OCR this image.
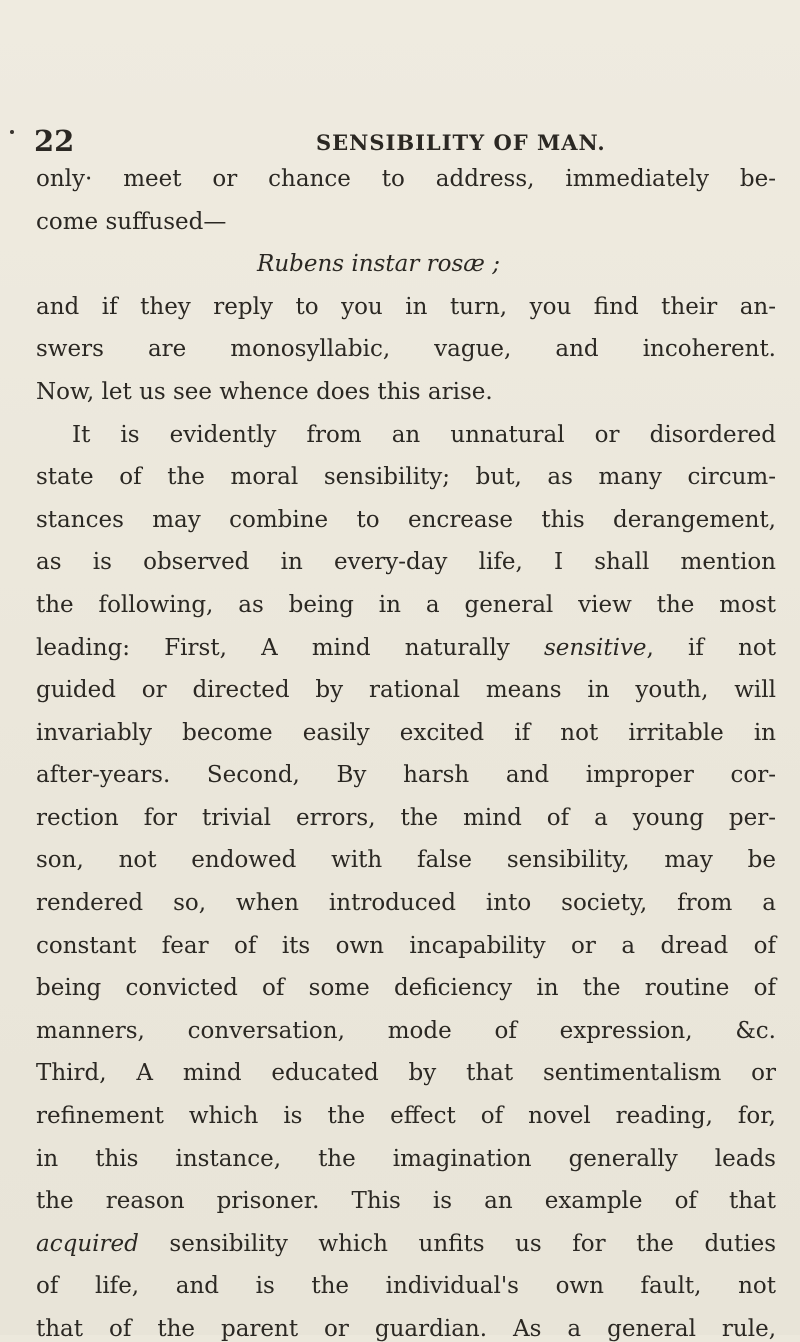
22	SENSIBILITY OF MAN.
only· meet or chance to address, immediately be-
come suffused—
Rubens instar rosæ ;
and if they reply to you in turn, you find their an-
swers are monosyllabic, vague, and incoherent.
Now, let us see whence does this arise.
It is evidently from an unnatural or disordered
state of the moral sensibility; but, as many circum-
stances may combine to encrease this derangement,
as is observed in every-day life, I shall mention
the following, as being in a general view the most
leading: First, A mind naturally sensitive, if not
guided or directed by rational means in youth, will
invariably become easily excited if not irritable in
after-years. Second, By harsh and improper cor-
rection for trivial errors, the mind of a young per-
son, not endowed with false sensibility, may be
rendered so, when introduced into society, from a
constant fear of its own incapability or a dread of
being convicted of some deficiency in the routine of
manners, conversation, mode of expression, &c.
Third, A mind educated by that sentimentalism or
refinement which is the effect of novel reading, for,
in this instance, the imagination generally leads
the reason prisoner. This is an example of that
acquired sensibility which unfits us for the duties
of life, and is the individual's own fault, not
that of the parent or guardian. As a general rule,
